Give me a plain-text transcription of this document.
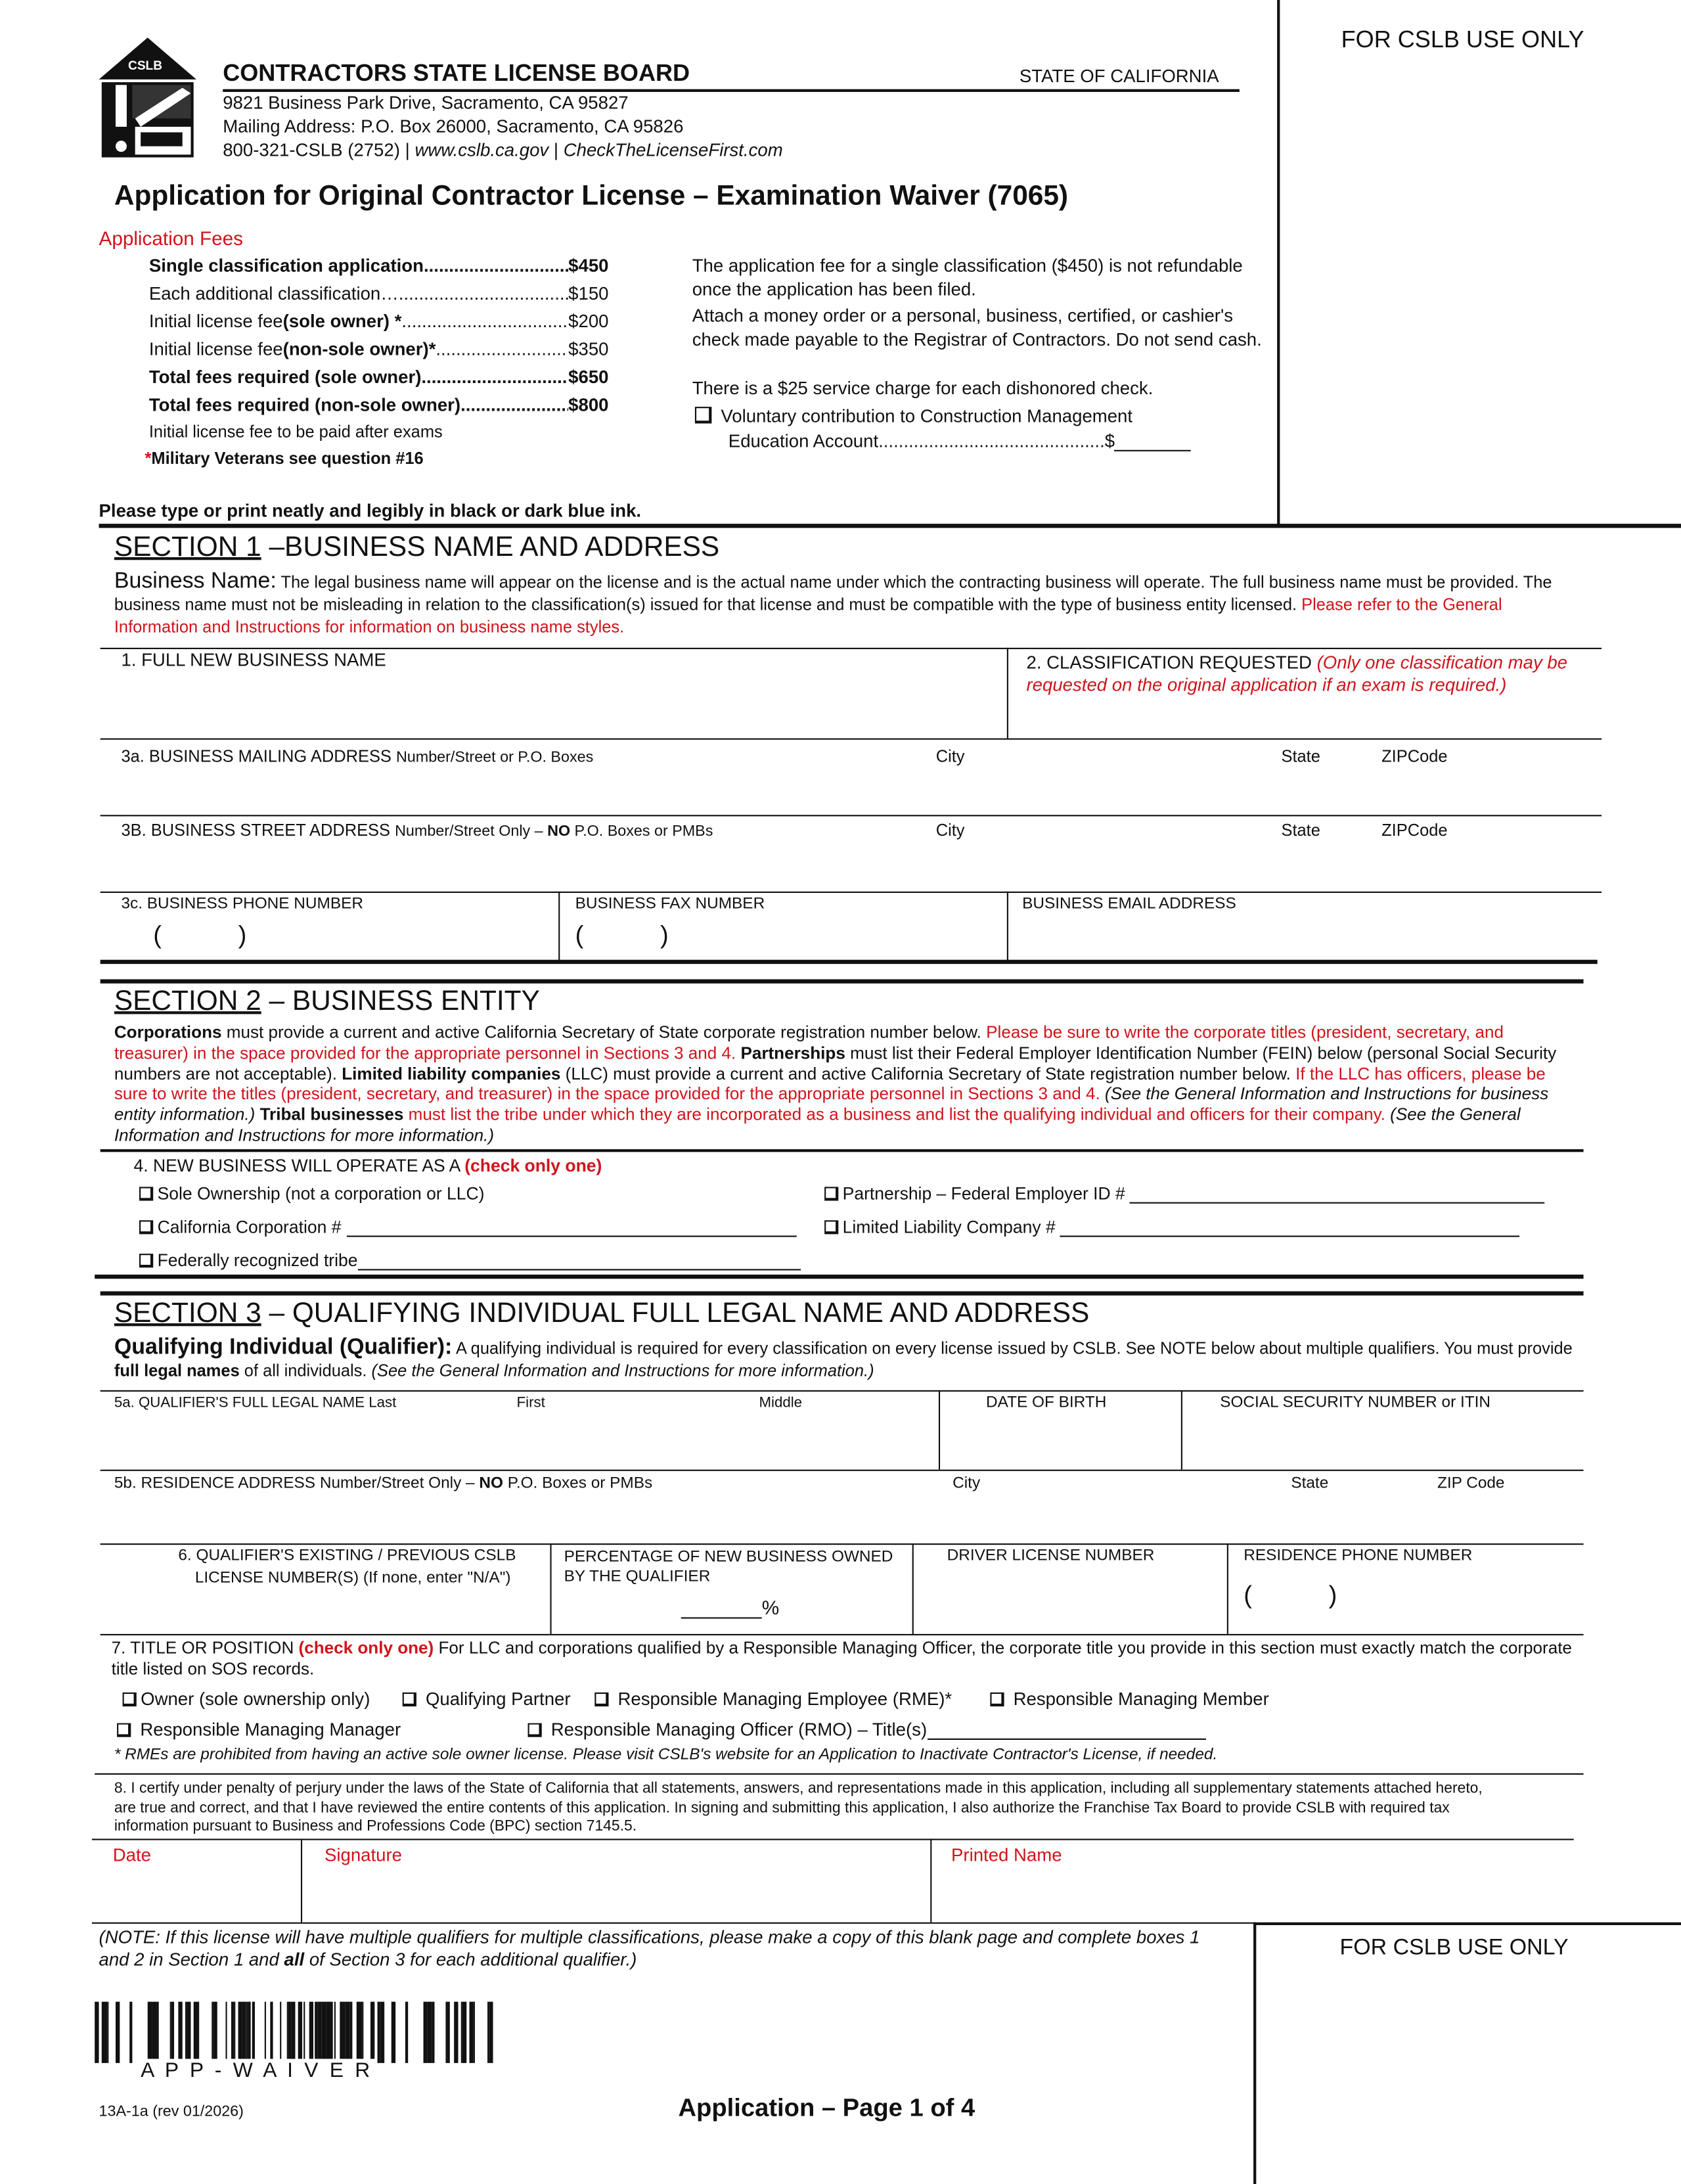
FOR CSLB USE ONLY
CSLB	CONTRACTORS STATE LICENSE BOARD	STATE OF CALIFORNIA
9821 Business Park Drive, Sacramento, CA 95827
Mailing Address: P.O. Box 26000, Sacramento, CA 95826
800-321-CSLB (2752) | www.cslb.ca.gov | CheckTheLicenseFirst.com
Application for Original Contractor License – Examination Waiver (7065)
Application Fees
Single classification application .....	$450
Each additional classification… .....	$150
Initial license fee (sole owner) * .....	$200
Initial license fee (non-sole owner)* .....	$350
Total fees required (sole owner) .....	$650
Total fees required (non-sole owner) .....	$800
Initial license fee to be paid after exams
*Military Veterans see question #16
The application fee for a single classification ($450) is not refundable once the application has been filed.
Attach a money order or a personal, business, certified, or cashier's check made payable to the Registrar of Contractors. Do not send cash.
There is a $25 service charge for each dishonored check.
Voluntary contribution to Construction Management
Education Account.............................................$
Please type or print neatly and legibly in black or dark blue ink.
SECTION 1 –BUSINESS NAME AND ADDRESS
Business Name: The legal business name will appear on the license and is the actual name under which the contracting business will operate. The full business name must be provided. The business name must not be misleading in relation to the classification(s) issued for that license and must be compatible with the type of business entity licensed. Please refer to the General Information and Instructions for information on business name styles.
1. FULL NEW BUSINESS NAME	2. CLASSIFICATION REQUESTED (Only one classification may be requested on the original application if an exam is required.)
3a. BUSINESS MAILING ADDRESS Number/Street or P.O. Boxes	City	State	ZIPCode
3B. BUSINESS STREET ADDRESS Number/Street Only – NO P.O. Boxes or PMBs	City	State	ZIPCode
3c. BUSINESS PHONE NUMBER
(	)
BUSINESS FAX NUMBER
(	)
BUSINESS EMAIL ADDRESS
SECTION 2 – BUSINESS ENTITY
Corporations must provide a current and active California Secretary of State corporate registration number below. Please be sure to write the corporate titles (president, secretary, and treasurer) in the space provided for the appropriate personnel in Sections 3 and 4. Partnerships must list their Federal Employer Identification Number (FEIN) below (personal Social Security numbers are not acceptable). Limited liability companies (LLC) must provide a current and active California Secretary of State registration number below. If the LLC has officers, please be sure to write the titles (president, secretary, and treasurer) in the space provided for the appropriate personnel in Sections 3 and 4. (See the General Information and Instructions for business entity information.) Tribal businesses must list the tribe under which they are incorporated as a business and list the qualifying individual and officers for their company. (See the General Information and Instructions for more information.)
4. NEW BUSINESS WILL OPERATE AS A (check only one)
Sole Ownership (not a corporation or LLC)	Partnership – Federal Employer ID #
California Corporation #	Limited Liability Company #
Federally recognized tribe
SECTION 3 – QUALIFYING INDIVIDUAL FULL LEGAL NAME AND ADDRESS
Qualifying Individual (Qualifier): A qualifying individual is required for every classification on every license issued by CSLB. See NOTE below about multiple qualifiers. You must provide full legal names of all individuals. (See the General Information and Instructions for more information.)
5a. QUALIFIER'S FULL LEGAL NAME Last	First	Middle	DATE OF BIRTH	SOCIAL SECURITY NUMBER or ITIN
5b. RESIDENCE ADDRESS Number/Street Only – NO P.O. Boxes or PMBs	City	State	ZIP Code
6. QUALIFIER'S EXISTING / PREVIOUS CSLB
LICENSE NUMBER(S) (If none, enter "N/A")
PERCENTAGE OF NEW BUSINESS OWNED BY THE QUALIFIER
%
DRIVER LICENSE NUMBER	RESIDENCE PHONE NUMBER
(	)
7. TITLE OR POSITION (check only one) For LLC and corporations qualified by a Responsible Managing Officer, the corporate title you provide in this section must exactly match the corporate title listed on SOS records.
Owner (sole ownership only)	Qualifying Partner	Responsible Managing Employee (RME)*	Responsible Managing Member
Responsible Managing Manager	Responsible Managing Officer (RMO) – Title(s)
* RMEs are prohibited from having an active sole owner license. Please visit CSLB's website for an Application to Inactivate Contractor's License, if needed.
8. I certify under penalty of perjury under the laws of the State of California that all statements, answers, and representations made in this application, including all supplementary statements attached hereto, are true and correct, and that I have reviewed the entire contents of this application. In signing and submitting this application, I also authorize the Franchise Tax Board to provide CSLB with required tax information pursuant to Business and Professions Code (BPC) section 7145.5.
Date	Signature	Printed Name
(NOTE: If this license will have multiple qualifiers for multiple classifications, please make a copy of this blank page and complete boxes 1 and 2 in Section 1 and all of Section 3 for each additional qualifier.)	FOR CSLB USE ONLY
A P P - W A I V E R
13A-1a (rev 01/2026)	Application – Page 1 of 4
